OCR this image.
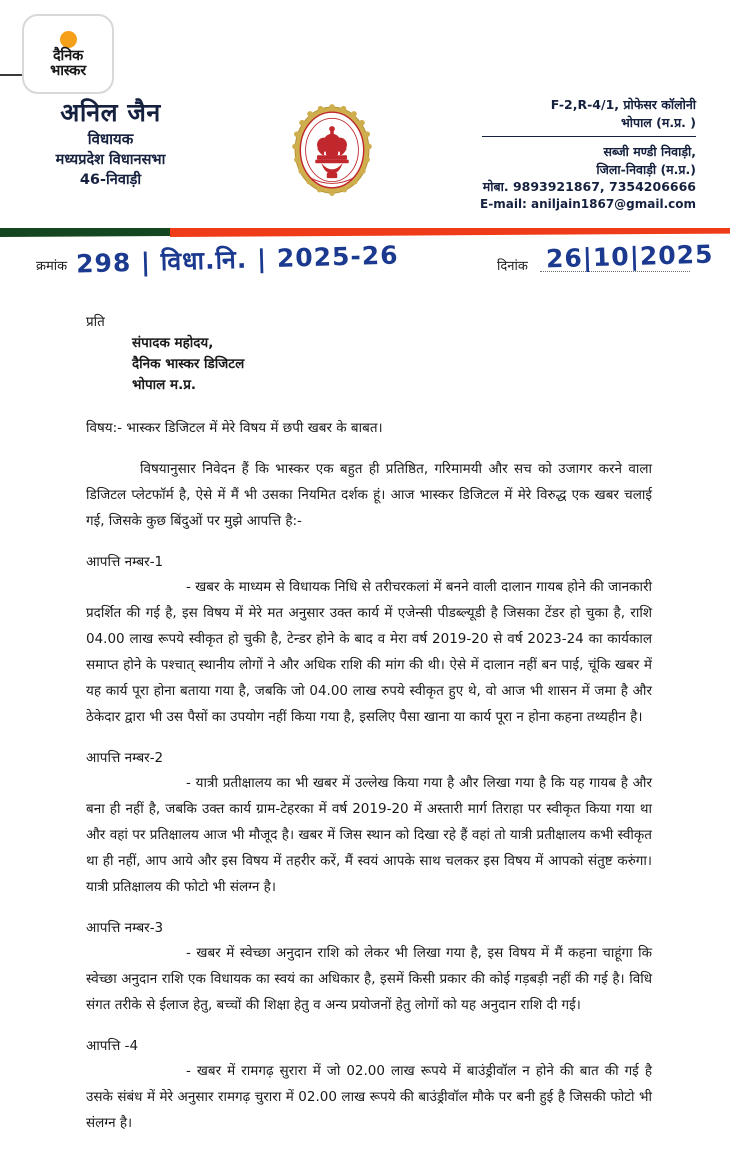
दैनिक
भास्कर
अनिल जैन
विधायक
मध्यप्रदेश विधानसभा
46-निवाड़ी
F-2,R-4/1, प्रोफेसर कॉलोनी
भोपाल (म.प्र. )
सब्जी मण्डी निवाड़ी,
जिला-निवाड़ी (म.प्र.)
मोबा. 9893921867, 7354206666
E-mail: aniljain1867@gmail.com
क्रमांक 298 | विधा.नि. | 2025-26	दिनांक 26|10|2025
प्रति
संपादक महोदय,
दैनिक भास्कर डिजिटल
भोपाल म.प्र.
विषय:- भास्कर डिजिटल में मेरे विषय में छपी खबर के बाबत।
विषयानुसार निवेदन हैं कि भास्कर एक बहुत ही प्रतिष्ठित, गरिमामयी और सच को उजागर करने वाला डिजिटल प्लेटफॉर्म है, ऐसे में मैं भी उसका नियमित दर्शक हूं। आज भास्कर डिजिटल में मेरे विरुद्ध एक खबर चलाई गई, जिसके कुछ बिंदुओं पर मुझे आपत्ति है:-
आपत्ति नम्बर-1
- खबर के माध्यम से विधायक निधि से तरीचरकलां में बनने वाली दालान गायब होने की जानकारी प्रदर्शित की गई है, इस विषय में मेरे मत अनुसार उक्त कार्य में एजेन्सी पीडब्ल्यूडी है जिसका टेंडर हो चुका है, राशि 04.00 लाख रूपये स्वीकृत हो चुकी है, टेन्डर होने के बाद व मेरा वर्ष 2019-20 से वर्ष 2023-24 का कार्यकाल समाप्त होने के पश्चात् स्थानीय लोगों ने और अधिक राशि की मांग की थी। ऐसे में दालान नहीं बन पाई, चूंकि खबर में यह कार्य पूरा होना बताया गया है, जबकि जो 04.00 लाख रुपये स्वीकृत हुए थे, वो आज भी शासन में जमा है और ठेकेदार द्वारा भी उस पैसों का उपयोग नहीं किया गया है, इसलिए पैसा खाना या कार्य पूरा न होना कहना तथ्यहीन है।
आपत्ति नम्बर-2
- यात्री प्रतीक्षालय का भी खबर में उल्लेख किया गया है और लिखा गया है कि यह गायब है और बना ही नहीं है, जबकि उक्त कार्य ग्राम-टेहरका में वर्ष 2019-20 में अस्तारी मार्ग तिराहा पर स्वीकृत किया गया था और वहां पर प्रतिक्षालय आज भी मौजूद है। खबर में जिस स्थान को दिखा रहे हैं वहां तो यात्री प्रतीक्षालय कभी स्वीकृत था ही नहीं, आप आये और इस विषय में तहरीर करें, मैं स्वयं आपके साथ चलकर इस विषय में आपको संतुष्ट करुंगा। यात्री प्रतिक्षालय की फोटो भी संलग्न है।
आपत्ति नम्बर-3
- खबर में स्वेच्छा अनुदान राशि को लेकर भी लिखा गया है, इस विषय में मैं कहना चाहूंगा कि स्वेच्छा अनुदान राशि एक विधायक का स्वयं का अधिकार है, इसमें किसी प्रकार की कोई गड़बड़ी नहीं की गई है। विधि संगत तरीके से ईलाज हेतु, बच्चों की शिक्षा हेतु व अन्य प्रयोजनों हेतु लोगों को यह अनुदान राशि दी गई।
आपत्ति -4
- खबर में रामगढ़ सुरारा में जो 02.00 लाख रूपये में बाउंड्रीवॉल न होने की बात की गई है उसके संबंध में मेरे अनुसार रामगढ़ चुरारा में 02.00 लाख रूपये की बाउंड्रीवॉल मौके पर बनी हुई है जिसकी फोटो भी संलग्न है।
